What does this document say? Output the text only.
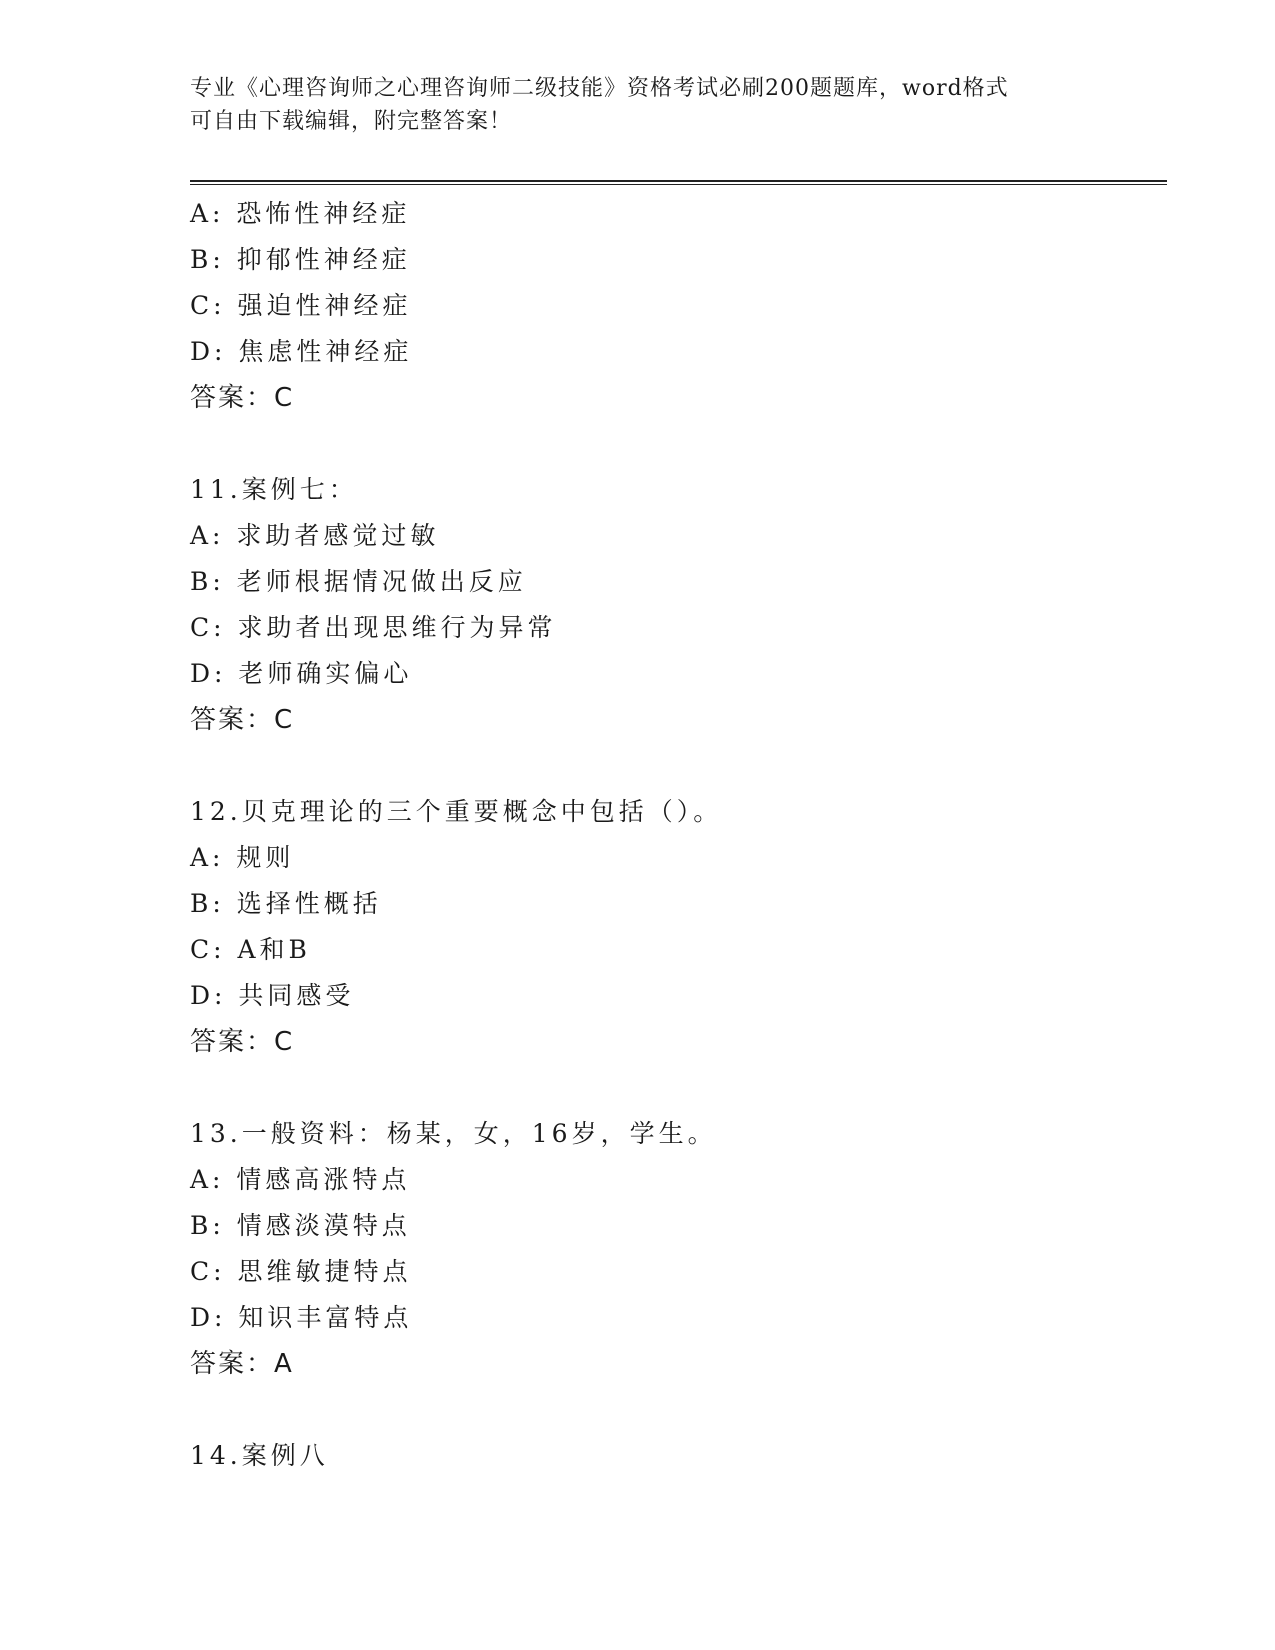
专业《心理咨询师之心理咨询师二级技能》资格考试必刷200题题库，word格式
可自由下载编辑，附完整答案！
A: 恐怖性神经症
B: 抑郁性神经症
C: 强迫性神经症
D: 焦虑性神经症
答案：C
11.案例七：
A: 求助者感觉过敏
B: 老师根据情况做出反应
C: 求助者出现思维行为异常
D: 老师确实偏心
答案：C
12.贝克理论的三个重要概念中包括（）。
A: 规则
B: 选择性概括
C: A和B
D: 共同感受
答案：C
13.一般资料：杨某，女，16岁，学生。
A: 情感高涨特点
B: 情感淡漠特点
C: 思维敏捷特点
D: 知识丰富特点
答案：A
14.案例八
